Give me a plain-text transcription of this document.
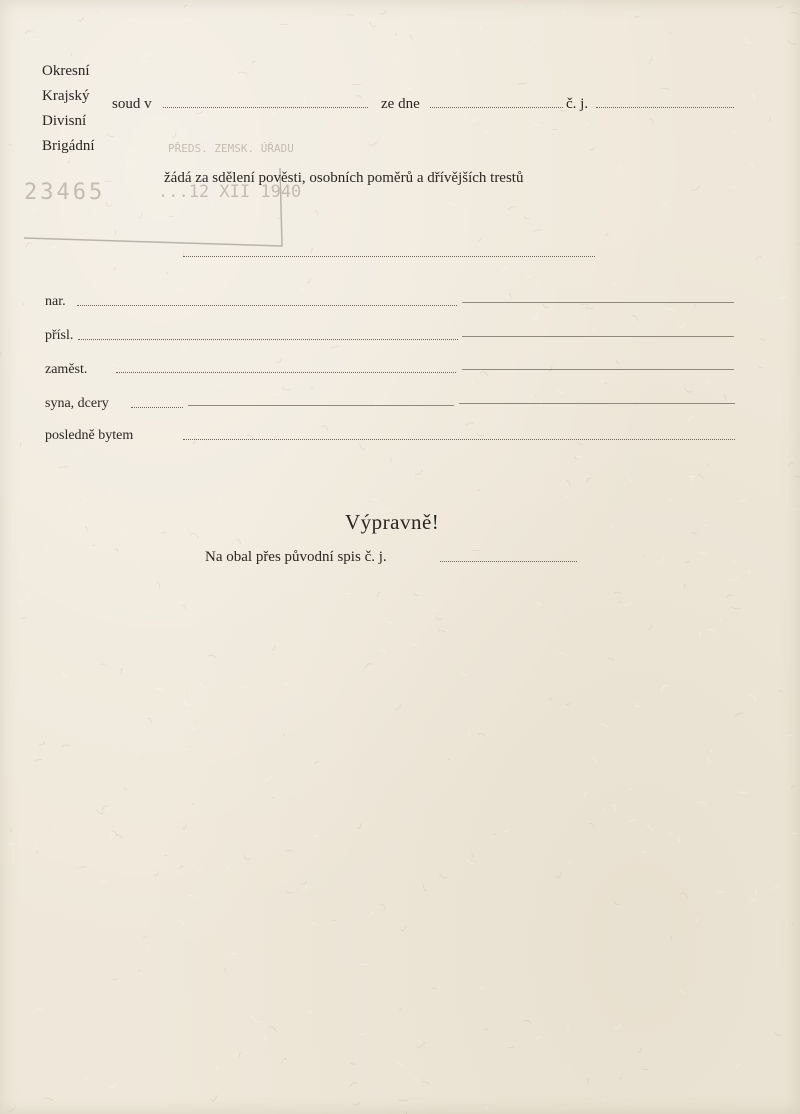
PŘEDS. ZEMSK. ÚŘADU
...12 XII 1940
23465
Okresní
Krajský
Divisní
Brigádní
soud v	ze dne	č. j.
žádá za sdělení pověsti, osobních poměrů a dřívějších trestů
nar.
přísl.
zaměst.
syna, dcery
posledně bytem
Výpravně!
Na obal přes původní spis č. j.
